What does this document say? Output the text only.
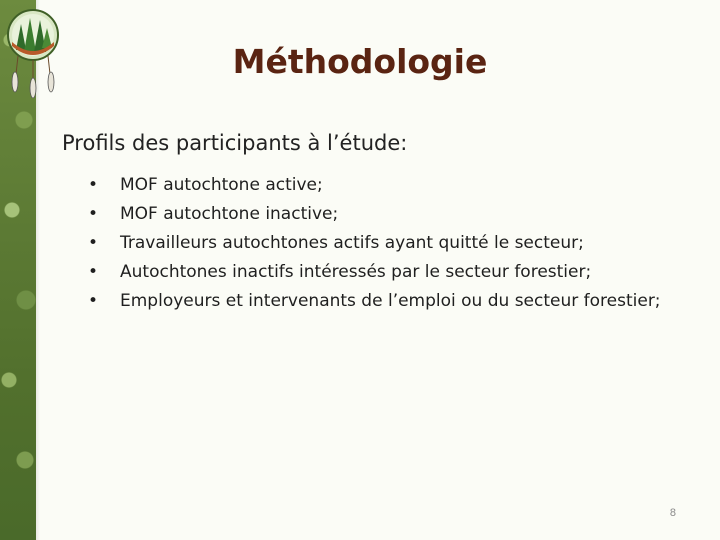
Méthodologie

Profils des participants à l’étude:

• MOF autochtone active;
• MOF autochtone inactive;
• Travailleurs autochtones actifs ayant quitté le secteur;
• Autochtones inactifs intéressés par le secteur forestier;
• Employeurs et intervenants de l’emploi ou du secteur forestier;
8
